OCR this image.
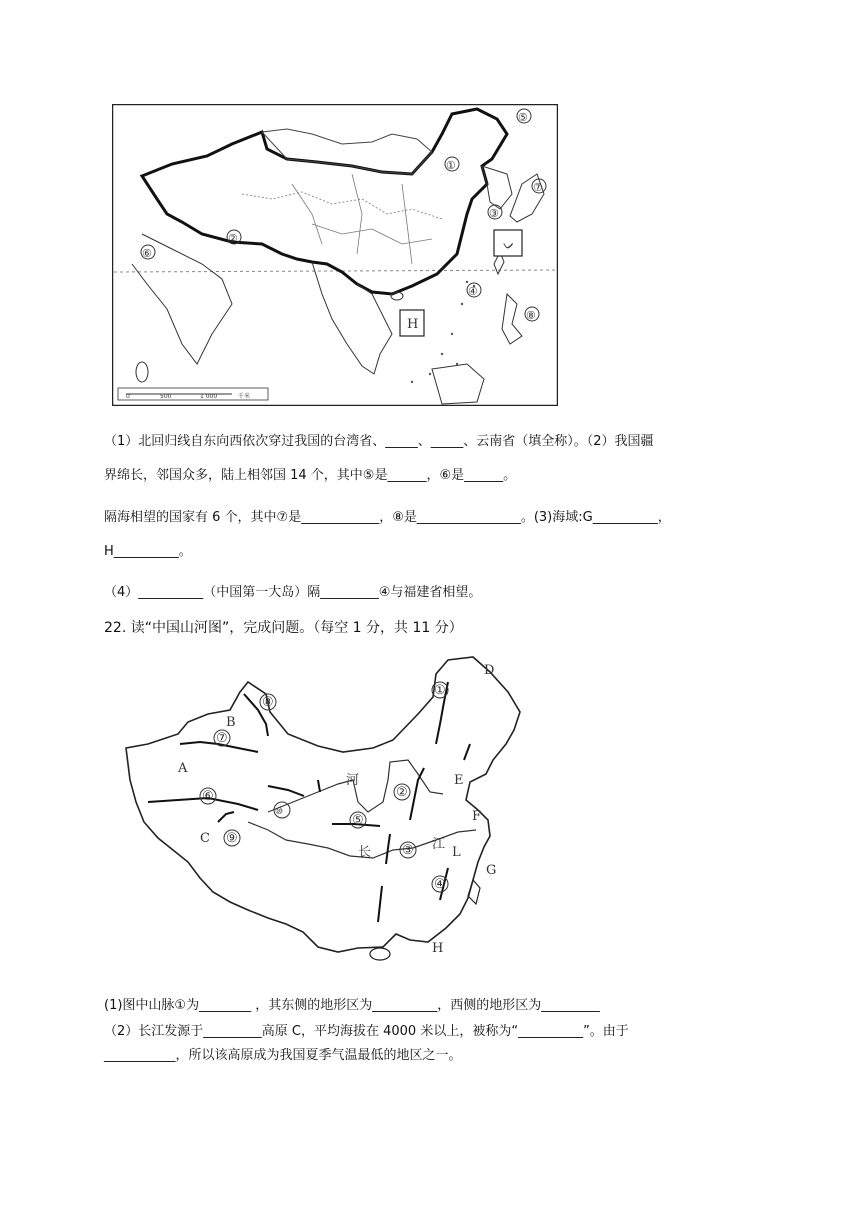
①
②
③
④
⑤
⑥
⑦
⑧
ᨆ
H
0	500	1 000	千米
（1）北回归线自东向西依次穿过我国的台湾省、_____、_____、云南省（填全称）。（2）我国疆
界绵长，邻国众多，陆上相邻国 14 个，其中⑤是______，⑥是______。
隔海相望的国家有 6 个，其中⑦是____________，⑧是________________。(3)海域:G__________，
H__________。
（4）__________（中国第一大岛）隔_________④与福建省相望。
22. 读“中国山河图”，完成问题。（每空 1 分，共 11 分）
A
B
C
D
E
F
G
H
L
①
②
③
④
⑤
⑥
⑦
⑧
⑨
⑩
长
江
河
(1)图中山脉①为________ ，其东侧的地形区为__________，西侧的地形区为_________
（2）长江发源于_________高原 C，平均海拔在 4000 米以上，被称为“__________”。由于
___________，所以该高原成为我国夏季气温最低的地区之一。
